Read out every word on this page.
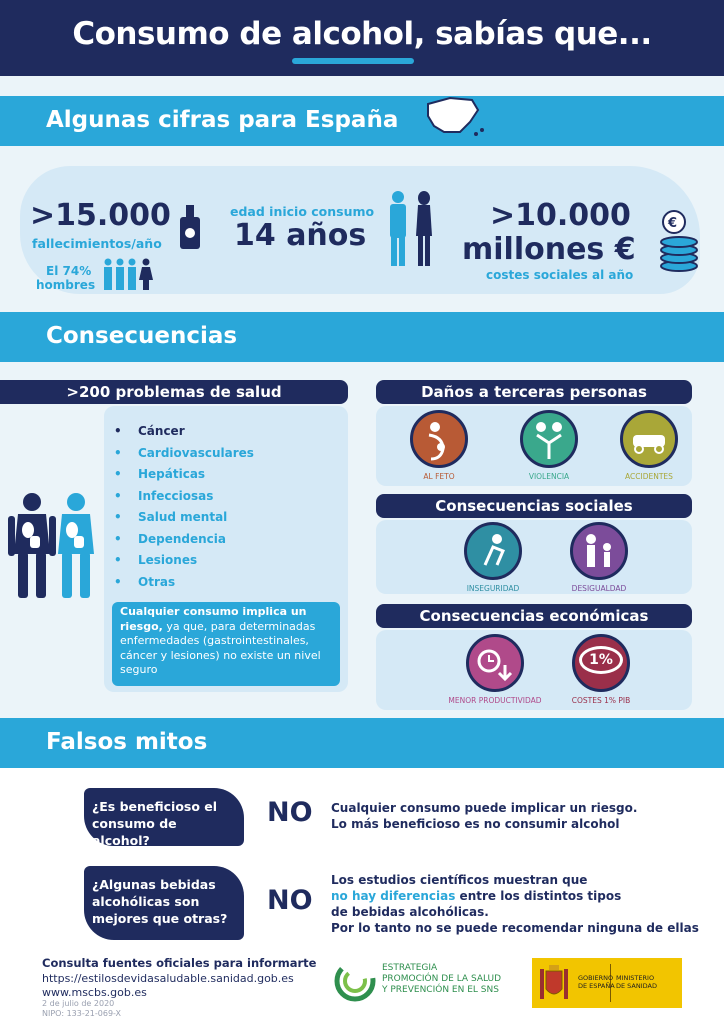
Consumo de alcohol, sabías que...
Algunas cifras para España
>15.000
fallecimientos/año
El 74%
hombres
edad inicio consumo
14 años
>10.000
millones €
costes sociales al año
€
Consecuencias
>200 problemas de salud
• Cáncer
• Cardiovasculares
• Hepáticas
• Infecciosas
• Salud mental
• Dependencia
• Lesiones
• Otras
Cualquier consumo implica un riesgo, ya que, para determinadas enfermedades (gastrointestinales, cáncer y lesiones) no existe un nivel seguro
Daños a terceras personas
AL FETO	VIOLENCIA	ACCIDENTES
Consecuencias sociales
INSEGURIDAD	DESIGUALDAD
Consecuencias económicas
MENOR PRODUCTIVIDAD
1%
COSTES 1% PIB
Falsos mitos
¿Es beneficioso el consumo de alcohol?
NO Cualquier consumo puede implicar un riesgo.
Lo más beneficioso es no consumir alcohol
¿Algunas bebidas alcohólicas son mejores que otras?
NO
Los estudios científicos muestran que
no hay diferencias entre los distintos tipos
de bebidas alcohólicas.
Por lo tanto no se puede recomendar ninguna de ellas
Consulta fuentes oficiales para informarte
https://estilosdevidasaludable.sanidad.gob.es
www.mscbs.gob.es
2 de julio de 2020
NIPO: 133-21-069-X
ESTRATEGIA
PROMOCIÓN DE LA SALUD
Y PREVENCIÓN EN EL SNS
GOBIERNO
DE ESPAÑA
MINISTERIO
DE SANIDAD
